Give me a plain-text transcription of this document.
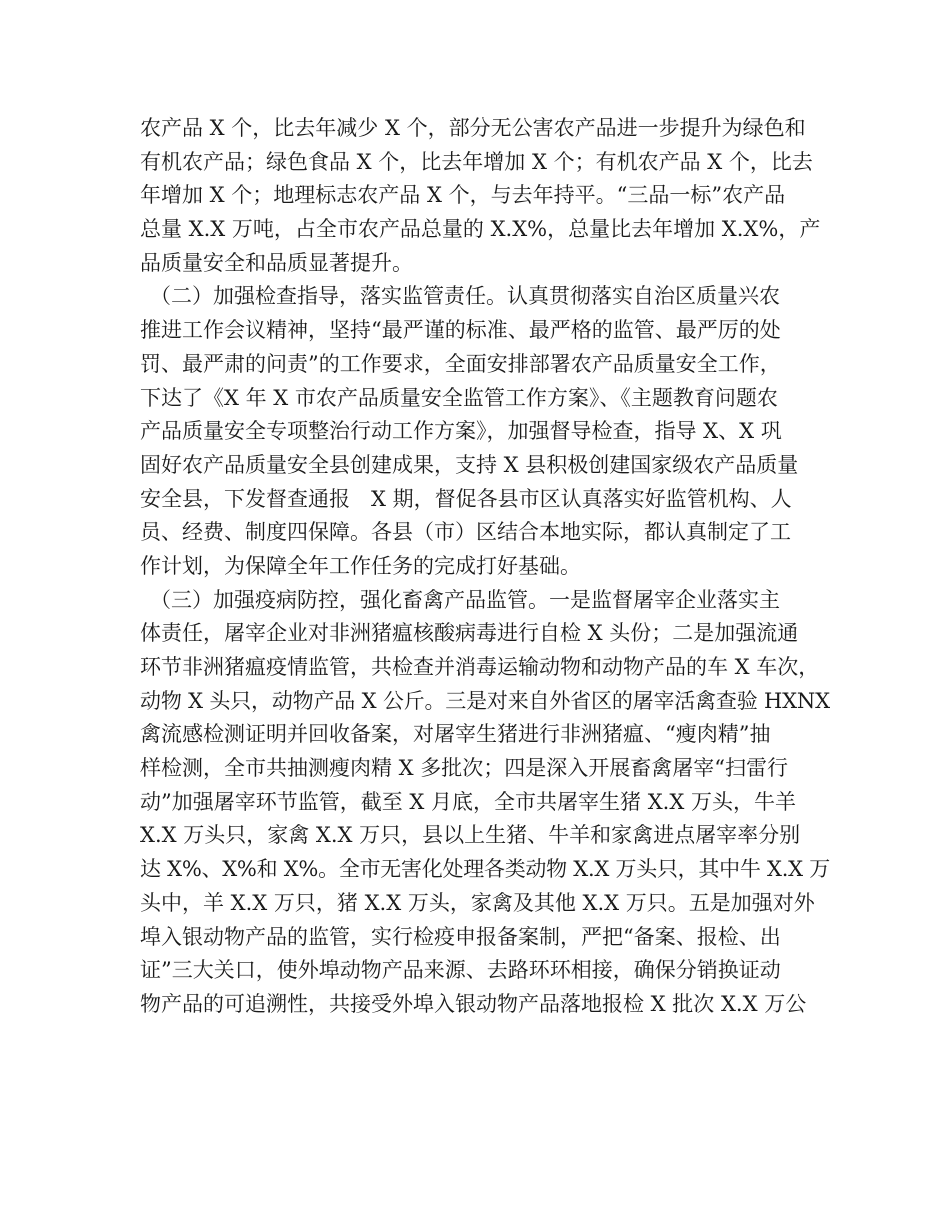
农产品 X 个，比去年减少 X 个，部分无公害农产品进一步提升为绿色和
有机农产品；绿色食品 X 个，比去年增加 X 个；有机农产品 X 个，比去
年增加 X 个；地理标志农产品 X 个，与去年持平。“三品一标”农产品
总量 X.X 万吨，占全市农产品总量的 X.X%，总量比去年增加 X.X%，产
品质量安全和品质显著提升。
（二）加强检查指导，落实监管责任。认真贯彻落实自治区质量兴农
推进工作会议精神，坚持“最严谨的标准、最严格的监管、最严厉的处
罚、最严肃的问责”的工作要求，全面安排部署农产品质量安全工作，
下达了《X 年 X 市农产品质量安全监管工作方案》、《主题教育问题农
产品质量安全专项整治行动工作方案》，加强督导检查，指导 X、X 巩
固好农产品质量安全县创建成果，支持 X 县积极创建国家级农产品质量
安全县，下发督查通报　X 期，督促各县市区认真落实好监管机构、人
员、经费、制度四保障。各县（市）区结合本地实际，都认真制定了工
作计划，为保障全年工作任务的完成打好基础。
（三）加强疫病防控，强化畜禽产品监管。一是监督屠宰企业落实主
体责任，屠宰企业对非洲猪瘟核酸病毒进行自检 X 头份；二是加强流通
环节非洲猪瘟疫情监管，共检查并消毒运输动物和动物产品的车 X 车次，
动物 X 头只，动物产品 X 公斤。三是对来自外省区的屠宰活禽查验 HXNX
禽流感检测证明并回收备案，对屠宰生猪进行非洲猪瘟、“瘦肉精”抽
样检测，全市共抽测瘦肉精 X 多批次；四是深入开展畜禽屠宰“扫雷行
动”加强屠宰环节监管，截至 X 月底，全市共屠宰生猪 X.X 万头，牛羊
X.X 万头只，家禽 X.X 万只，县以上生猪、牛羊和家禽进点屠宰率分别
达 X%、X%和 X%。全市无害化处理各类动物 X.X 万头只，其中牛 X.X 万
头中，羊 X.X 万只，猪 X.X 万头，家禽及其他 X.X 万只。五是加强对外
埠入银动物产品的监管，实行检疫申报备案制，严把“备案、报检、出
证”三大关口，使外埠动物产品来源、去路环环相接，确保分销换证动
物产品的可追溯性，共接受外埠入银动物产品落地报检 X 批次 X.X 万公
